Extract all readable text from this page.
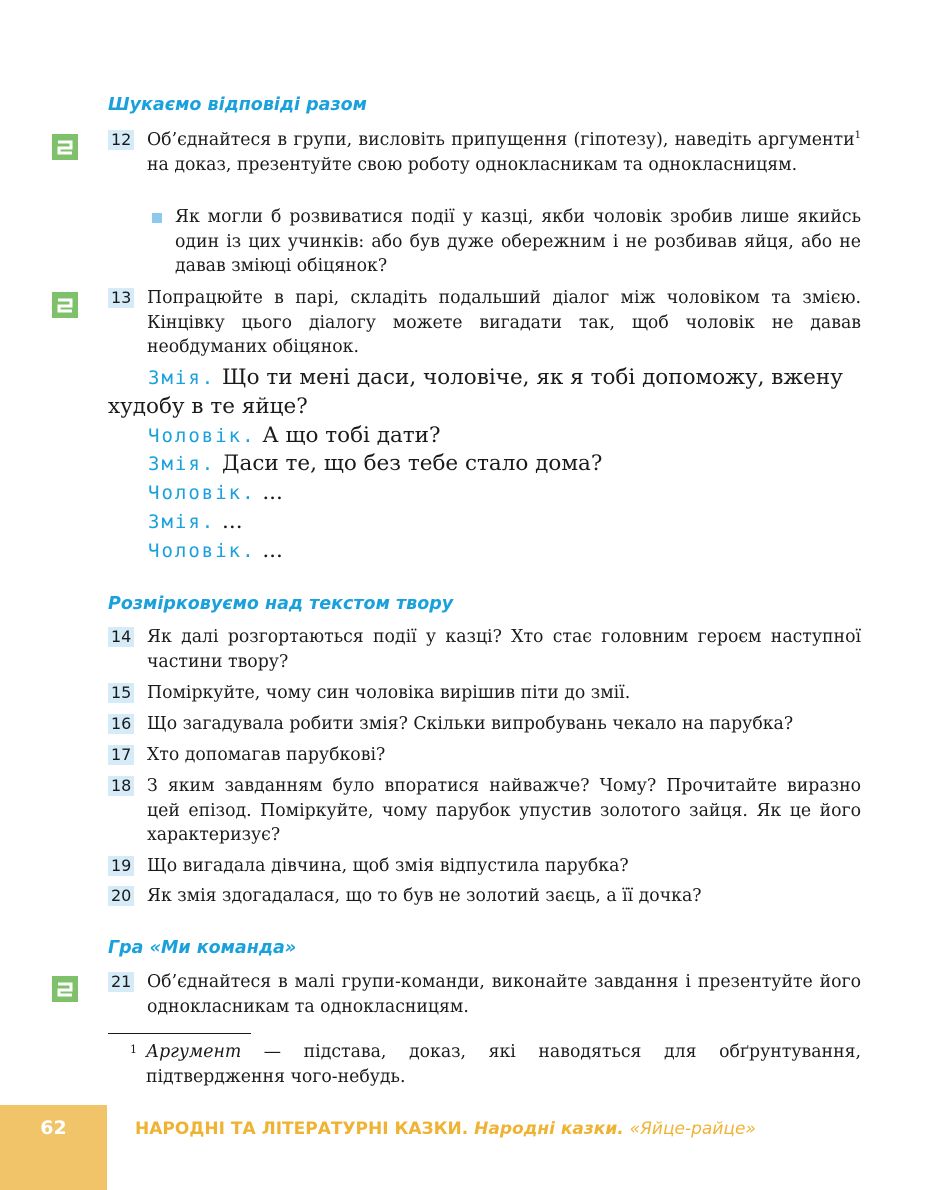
Шукаємо відповіді разом
12 Об’єднайтеся в групи, висловіть припущення (гіпотезу), наведіть аргументи$^1$ на доказ, презентуйте свою роботу однокласникам та однокласницям.
Як могли б розвиватися події у казці, якби чоловік зробив лише якийсь один із цих учинків: або був дуже обережним і не розбивав яйця, або не давав зміюці обіцянок?
13 Попрацюйте в парі, складіть подальший діалог між чоловіком та змією. Кінцівку цього діалогу можете вигадати так, щоб чоловік не давав необдуманих обіцянок.
Змія. Що ти мені даси, чоловіче, як я тобі допоможу, вжену худобу в те яйце?
Чоловік. А що тобі дати?
Змія. Даси те, що без тебе стало дома?
Чоловік. ...
Змія. ...
Чоловік. ...
Розмірковуємо над текстом твору
14 Як далі розгортаються події у казці? Хто стає головним героєм наступної частини твору?
15 Поміркуйте, чому син чоловіка вирішив піти до змії.
16 Що загадувала робити змія? Скільки випробувань чекало на парубка?
17 Хто допомагав парубкові?
18 З яким завданням було впоратися найважче? Чому? Прочитайте виразно цей епізод. Поміркуйте, чому парубок упустив золотого зайця. Як це його характеризує?
19 Що вигадала дівчина, щоб змія відпустила парубка?
20 Як змія здогадалася, що то був не золотий заєць, а її дочка?
Гра «Ми команда»
21 Об’єднайтеся в малі групи-команди, виконайте завдання і презентуйте його однокласникам та однокласницям.
1 Аргумент — підстава, доказ, які наводяться для обґрунтування, підтвердження чого-небудь.
62	НАРОДНІ ТА ЛІТЕРАТУРНІ КАЗКИ. Народні казки. «Яйце-райце»
